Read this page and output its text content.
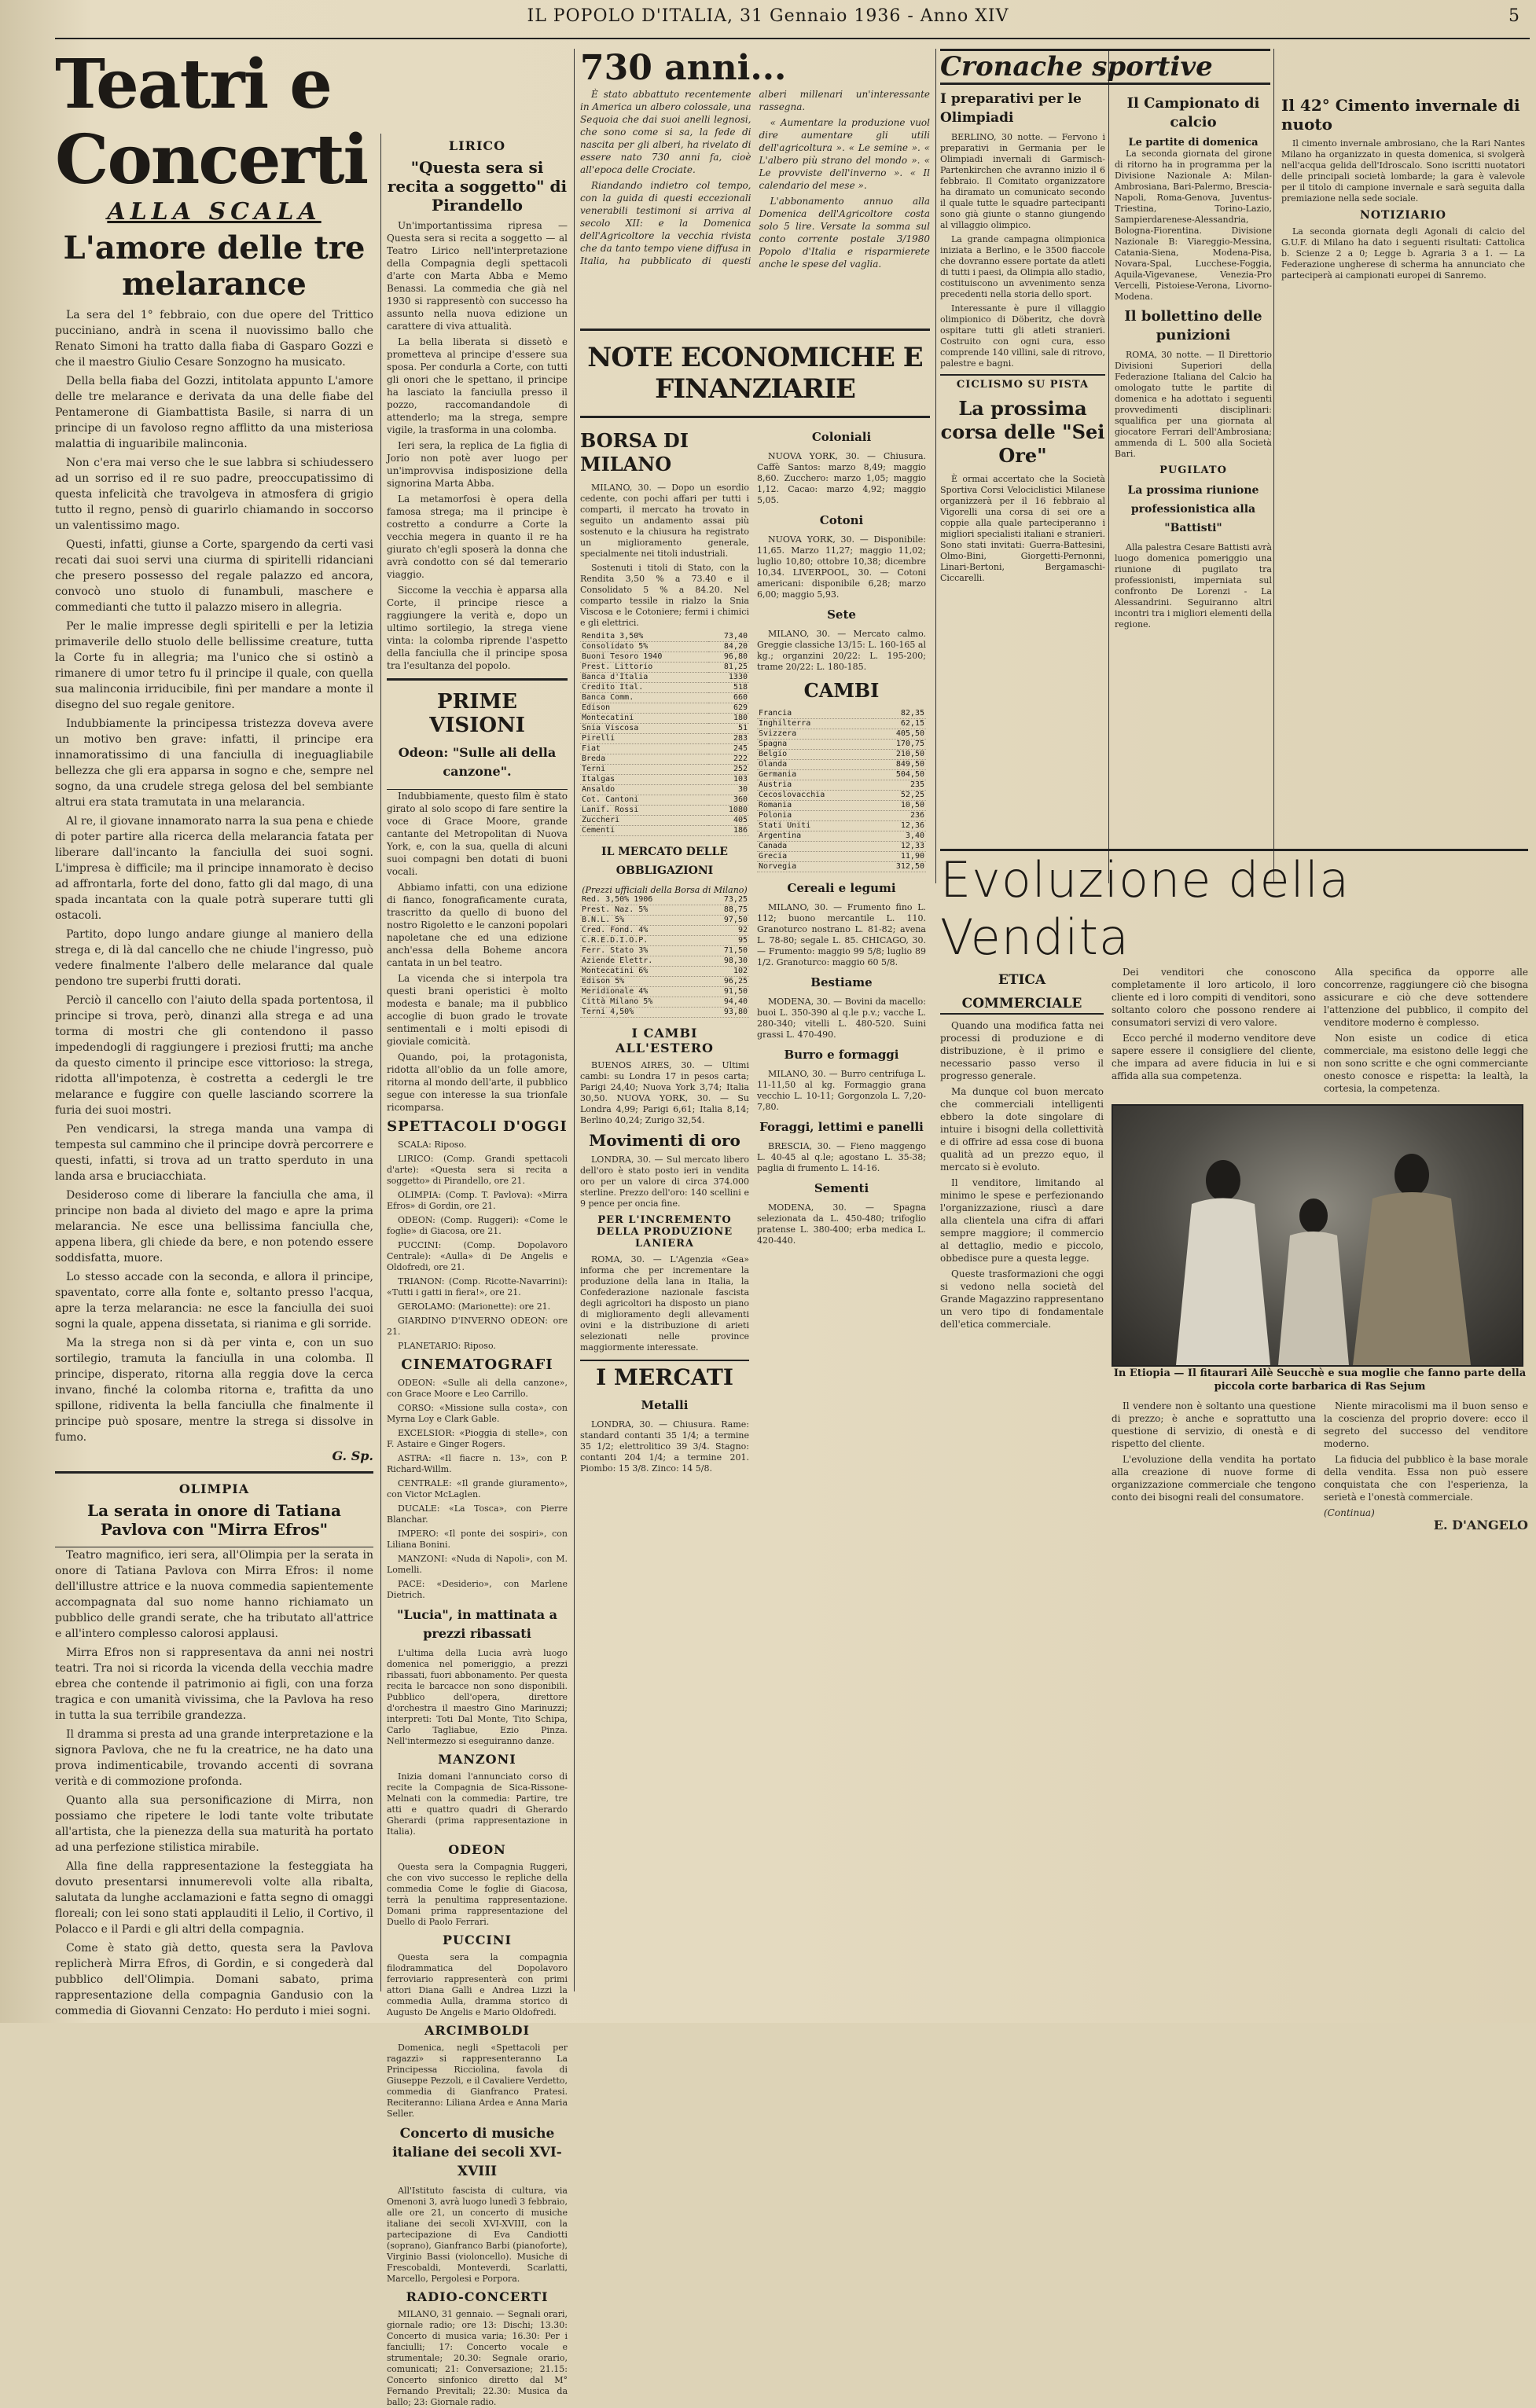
IL POPOLO D'ITALIA, 31 Gennaio 1936 - Anno XIV	5
Teatri e Concerti
ALLA SCALA
L'amore delle tre melarance

La sera del 1° febbraio, con due opere del Trittico pucciniano, andrà in scena il nuovissimo ballo che Renato Simoni ha tratto dalla fiaba di Gasparo Gozzi e che il maestro Giulio Cesare Sonzogno ha musicato.

Della bella fiaba del Gozzi, intitolata appunto L'amore delle tre melarance e derivata da una delle fiabe del Pentamerone di Giambattista Basile, si narra di un principe di un favoloso regno afflitto da una misteriosa malattia di inguaribile malinconia.

Non c'era mai verso che le sue labbra si schiudessero ad un sorriso ed il re suo padre, preoccupatissimo di questa infelicità che travolgeva in atmosfera di grigio tutto il regno, pensò di guarirlo chiamando in soccorso un valentissimo mago.

Questi, infatti, giunse a Corte, spargendo da certi vasi recati dai suoi servi una ciurma di spiritelli ridanciani che presero possesso del regale palazzo ed ancora, convocò uno stuolo di funambuli, maschere e commedianti che tutto il palazzo misero in allegria.

Per le malie impresse degli spiritelli e per la letizia primaverile dello stuolo delle bellissime creature, tutta la Corte fu in allegria; ma l'unico che si ostinò a rimanere di umor tetro fu il principe il quale, con quella sua malinconia irriducibile, finì per mandare a monte il disegno del suo regale genitore.

Indubbiamente la principessa tristezza doveva avere un motivo ben grave: infatti, il principe era innamoratissimo di una fanciulla di ineguagliabile bellezza che gli era apparsa in sogno e che, sempre nel sogno, da una crudele strega gelosa del bel sembiante altrui era stata tramutata in una melarancia.

Al re, il giovane innamorato narra la sua pena e chiede di poter partire alla ricerca della melarancia fatata per liberare dall'incanto la fanciulla dei suoi sogni. L'impresa è difficile; ma il principe innamorato è deciso ad affrontarla, forte del dono, fatto gli dal mago, di una spada incantata con la quale potrà superare tutti gli ostacoli.

Partito, dopo lungo andare giunge al maniero della strega e, di là dal cancello che ne chiude l'ingresso, può vedere finalmente l'albero delle melarance dal quale pendono tre superbi frutti dorati.

Perciò il cancello con l'aiuto della spada portentosa, il principe si trova, però, dinanzi alla strega e ad una torma di mostri che gli contendono il passo impedendogli di raggiungere i preziosi frutti; ma anche da questo cimento il principe esce vittorioso: la strega, ridotta all'impotenza, è costretta a cedergli le tre melarance e fuggire con quelle lasciando scorrere la furia dei suoi mostri.

Pen vendicarsi, la strega manda una vampa di tempesta sul cammino che il principe dovrà percorrere e questi, infatti, si trova ad un tratto sperduto in una landa arsa e bruciacchiata.

Desideroso come di liberare la fanciulla che ama, il principe non bada al divieto del mago e apre la prima melarancia. Ne esce una bellissima fanciulla che, appena libera, gli chiede da bere, e non potendo essere soddisfatta, muore.

Lo stesso accade con la seconda, e allora il principe, spaventato, corre alla fonte e, soltanto presso l'acqua, apre la terza melarancia: ne esce la fanciulla dei suoi sogni la quale, appena dissetata, si rianima e gli sorride.

Ma la strega non si dà per vinta e, con un suo sortilegio, tramuta la fanciulla in una colomba. Il principe, disperato, ritorna alla reggia dove la cerca invano, finché la colomba ritorna e, trafitta da uno spillone, ridiventa la bella fanciulla che finalmente il principe può sposare, mentre la strega si dissolve in fumo.

G. Sp.
OLIMPIA
La serata in onore di Tatiana Pavlova con "Mirra Efros"

Teatro magnifico, ieri sera, all'Olimpia per la serata in onore di Tatiana Pavlova con Mirra Efros: il nome dell'illustre attrice e la nuova commedia sapientemente accompagnata dal suo nome hanno richiamato un pubblico delle grandi serate, che ha tributato all'attrice e all'intero complesso calorosi applausi.

Mirra Efros non si rappresentava da anni nei nostri teatri. Tra noi si ricorda la vicenda della vecchia madre ebrea che contende il patrimonio ai figli, con una forza tragica e con umanità vivissima, che la Pavlova ha reso in tutta la sua terribile grandezza.

Il dramma si presta ad una grande interpretazione e la signora Pavlova, che ne fu la creatrice, ne ha dato una prova indimenticabile, trovando accenti di sovrana verità e di commozione profonda.

Quanto alla sua personificazione di Mirra, non possiamo che ripetere le lodi tante volte tributate all'artista, che la pienezza della sua maturità ha portato ad una perfezione stilistica mirabile.

Alla fine della rappresentazione la festeggiata ha dovuto presentarsi innumerevoli volte alla ribalta, salutata da lunghe acclamazioni e fatta segno di omaggi floreali; con lei sono stati applauditi il Lelio, il Cortivo, il Polacco e il Pardi e gli altri della compagnia.

Come è stato già detto, questa sera la Pavlova replicherà Mirra Efros, di Gordin, e si congederà dal pubblico dell'Olimpia. Domani sabato, prima rappresentazione della compagnia Gandusio con la commedia di Giovanni Cenzato: Ho perduto i miei sogni.

LIRICO
"Questa sera si recita a soggetto" di Pirandello

Un'importantissima ripresa — Questa sera si recita a soggetto — al Teatro Lirico nell'interpretazione della Compagnia degli spettacoli d'arte con Marta Abba e Memo Benassi. La commedia che già nel 1930 si rappresentò con successo ha assunto nella nuova edizione un carattere di viva attualità.

La bella liberata si dissetò e prometteva al principe d'essere sua sposa. Per condurla a Corte, con tutti gli onori che le spettano, il principe ha lasciato la fanciulla presso il pozzo, raccomandandole di attenderlo; ma la strega, sempre vigile, la trasforma in una colomba.

Ieri sera, la replica de La figlia di Jorio non potè aver luogo per un'improvvisa indisposizione della signorina Marta Abba.

La metamorfosi è opera della famosa strega; ma il principe è costretto a condurre a Corte la vecchia megera in quanto il re ha giurato ch'egli sposerà la donna che avrà condotto con sé dal temerario viaggio.

Siccome la vecchia è apparsa alla Corte, il principe riesce a raggiungere la verità e, dopo un ultimo sortilegio, la strega viene vinta: la colomba riprende l'aspetto della fanciulla che il principe sposa tra l'esultanza del popolo.

PRIME VISIONI
Odeon: "Sulle ali della canzone".

Indubbiamente, questo film è stato girato al solo scopo di fare sentire la voce di Grace Moore, grande cantante del Metropolitan di Nuova York, e, con la sua, quella di alcuni suoi compagni ben dotati di buoni vocali.

Abbiamo infatti, con una edizione di fianco, fonograficamente curata, trascritto da quello di buono del nostro Rigoletto e le canzoni popolari napoletane che ed una edizione anch'essa della Boheme ancora cantata in un bel teatro.

La vicenda che si interpola tra questi brani operistici è molto modesta e banale; ma il pubblico accoglie di buon grado le trovate sentimentali e i molti episodi di gioviale comicità.

Quando, poi, la protagonista, ridotta all'oblio da un folle amore, ritorna al mondo dell'arte, il pubblico segue con interesse la sua trionfale ricomparsa.

SPETTACOLI D'OGGI

SCALA: Riposo.

LIRICO: (Comp. Grandi spettacoli d'arte): «Questa sera si recita a soggetto» di Pirandello, ore 21.

OLIMPIA: (Comp. T. Pavlova): «Mirra Efros» di Gordin, ore 21.

ODEON: (Comp. Ruggeri): «Come le foglie» di Giacosa, ore 21.

PUCCINI: (Comp. Dopolavoro Centrale): «Aulla» di De Angelis e Oldofredi, ore 21.

TRIANON: (Comp. Ricotte-Navarrini): «Tutti i gatti in fiera!», ore 21.

GEROLAMO: (Marionette): ore 21.

GIARDINO D'INVERNO ODEON: ore 21.

PLANETARIO: Riposo.

CINEMATOGRAFI

ODEON: «Sulle ali della canzone», con Grace Moore e Leo Carrillo.

CORSO: «Missione sulla costa», con Myrna Loy e Clark Gable.

EXCELSIOR: «Pioggia di stelle», con F. Astaire e Ginger Rogers.

ASTRA: «Il fiacre n. 13», con P. Richard-Willm.

CENTRALE: «Il grande giuramento», con Victor McLaglen.

DUCALE: «La Tosca», con Pierre Blanchar.

IMPERO: «Il ponte dei sospiri», con Liliana Bonini.

MANZONI: «Nuda di Napoli», con M. Lomelli.

PACE: «Desiderio», con Marlene Dietrich.

"Lucia", in mattinata a prezzi ribassati

L'ultima della Lucia avrà luogo domenica nel pomeriggio, a prezzi ribassati, fuori abbonamento. Per questa recita le barcacce non sono disponibili. Pubblico dell'opera, direttore d'orchestra il maestro Gino Marinuzzi; interpreti: Toti Dal Monte, Tito Schipa, Carlo Tagliabue, Ezio Pinza. Nell'intermezzo si eseguiranno danze.

MANZONI

Inizia domani l'annunciato corso di recite la Compagnia de Sica-Rissone-Melnati con la commedia: Partire, tre atti e quattro quadri di Gherardo Gherardi (prima rappresentazione in Italia).

ODEON

Questa sera la Compagnia Ruggeri, che con vivo successo le repliche della commedia Come le foglie di Giacosa, terrà la penultima rappresentazione. Domani prima rappresentazione del Duello di Paolo Ferrari.

PUCCINI

Questa sera la compagnia filodrammatica del Dopolavoro ferroviario rappresenterà con primi attori Diana Galli e Andrea Lizzi la commedia Aulla, dramma storico di Augusto De Angelis e Mario Oldofredi.

ARCIMBOLDI

Domenica, negli «Spettacoli per ragazzi» si rappresenteranno La Principessa Ricciolina, favola di Giuseppe Pezzoli, e il Cavaliere Verdetto, commedia di Gianfranco Pratesi. Reciteranno: Liliana Ardea e Anna Maria Seller.

Concerto di musiche italiane dei secoli XVI-XVIII

All'Istituto fascista di cultura, via Omenoni 3, avrà luogo lunedì 3 febbraio, alle ore 21, un concerto di musiche italiane dei secoli XVI-XVIII, con la partecipazione di Eva Candiotti (soprano), Gianfranco Barbi (pianoforte), Virginio Bassi (violoncello). Musiche di Frescobaldi, Monteverdi, Scarlatti, Marcello, Pergolesi e Porpora.

RADIO-CONCERTI

MILANO, 31 gennaio. — Segnali orari, giornale radio; ore 13: Dischi; 13.30: Concerto di musica varia; 16.30: Per i fanciulli; 17: Concerto vocale e strumentale; 20.30: Segnale orario, comunicati; 21: Conversazione; 21.15: Concerto sinfonico diretto dal M° Fernando Previtali; 22.30: Musica da ballo; 23: Giornale radio.

730 anni...

È stato abbattuto recentemente in America un albero colossale, una Sequoia che dai suoi anelli legnosi, che sono come si sa, la fede di nascita per gli alberi, ha rivelato di essere nato 730 anni fa, cioè all'epoca delle Crociate.

Riandando indietro col tempo, con la guida di questi eccezionali venerabili testimoni si arriva al secolo XII: e la Domenica dell'Agricoltore la vecchia rivista che da tanto tempo viene diffusa in Italia, ha pubblicato di questi alberi millenari un'interessante rassegna.

« Aumentare la produzione vuol dire aumentare gli utili dell'agricoltura ». « Le semine ». « L'albero più strano del mondo ». « Le provviste dell'inverno ». « Il calendario del mese ».

L'abbonamento annuo alla Domenica dell'Agricoltore costa solo 5 lire. Versate la somma sul conto corrente postale 3/1980 Popolo d'Italia e risparmierete anche le spese del vaglia.

NOTE ECONOMICHE E FINANZIARIE
BORSA DI MILANO

MILANO, 30. — Dopo un esordio cedente, con pochi affari per tutti i comparti, il mercato ha trovato in seguito un andamento assai più sostenuto e la chiusura ha registrato un miglioramento generale, specialmente nei titoli industriali.

Sostenuti i titoli di Stato, con la Rendita 3,50 % a 73.40 e il Consolidato 5 % a 84.20. Nel comparto tessile in rialzo la Snia Viscosa e le Cotoniere; fermi i chimici e gli elettrici.

Rendita 3,50%	73,40
Consolidato 5%	84,20
Buoni Tesoro 1940	96,80
Prest. Littorio	81,25
Banca d'Italia	1330
Credito Ital.	518
Banca Comm.	660
Edison	629
Montecatini	180
Snia Viscosa	51
Pirelli	283
Fiat	245
Breda	222
Terni	252
Italgas	103
Ansaldo	30
Cot. Cantoni	360
Lanif. Rossi	1080
Zuccheri	405
Cementi	186
IL MERCATO DELLE OBBLIGAZIONI
(Prezzi ufficiali della Borsa di Milano)
Red. 3,50% 1906	73,25
Prest. Naz. 5%	88,75
B.N.L. 5%	97,50
Cred. Fond. 4%	92
C.R.E.D.I.O.P.	95
Ferr. Stato 3%	71,50
Aziende Elettr.	98,30
Montecatini 6%	102
Edison 5%	96,25
Meridionale 4%	91,50
Città Milano 5%	94,40
Terni 4,50%	93,80
I CAMBI ALL'ESTERO

BUENOS AIRES, 30. — Ultimi cambi: su Londra 17 in pesos carta; Parigi 24,40; Nuova York 3,74; Italia 30,50. NUOVA YORK, 30. — Su Londra 4,99; Parigi 6,61; Italia 8,14; Berlino 40,24; Zurigo 32,54.

Movimenti di oro

LONDRA, 30. — Sul mercato libero dell'oro è stato posto ieri in vendita oro per un valore di circa 374.000 sterline. Prezzo dell'oro: 140 scellini e 9 pence per oncia fine.

PER L'INCREMENTO DELLA PRODUZIONE LANIERA

ROMA, 30. — L'Agenzia «Gea» informa che per incrementare la produzione della lana in Italia, la Confederazione nazionale fascista degli agricoltori ha disposto un piano di miglioramento degli allevamenti ovini e la distribuzione di arieti selezionati nelle province maggiormente interessate.

I MERCATI
Metalli

LONDRA, 30. — Chiusura. Rame: standard contanti 35 1/4; a termine 35 1/2; elettrolitico 39 3/4. Stagno: contanti 204 1/4; a termine 201. Piombo: 15 3/8. Zinco: 14 5/8.

Coloniali

NUOVA YORK, 30. — Chiusura. Caffè Santos: marzo 8,49; maggio 8,60. Zucchero: marzo 1,05; maggio 1,12. Cacao: marzo 4,92; maggio 5,05.

Cotoni

NUOVA YORK, 30. — Disponibile: 11,65. Marzo 11,27; maggio 11,02; luglio 10,80; ottobre 10,38; dicembre 10,34. LIVERPOOL, 30. — Cotoni americani: disponibile 6,28; marzo 6,00; maggio 5,93.

Sete

MILANO, 30. — Mercato calmo. Greggie classiche 13/15: L. 160-165 al kg.; organzini 20/22: L. 195-200; trame 20/22: L. 180-185.

CAMBI
Francia	82,35
Inghilterra	62,15
Svizzera	405,50
Spagna	170,75
Belgio	210,50
Olanda	849,50
Germania	504,50
Austria	235
Cecoslovacchia	52,25
Romania	10,50
Polonia	236
Stati Uniti	12,36
Argentina	3,40
Canada	12,33
Grecia	11,90
Norvegia	312,50
Cereali e legumi

MILANO, 30. — Frumento fino L. 112; buono mercantile L. 110. Granoturco nostrano L. 81-82; avena L. 78-80; segale L. 85. CHICAGO, 30. — Frumento: maggio 99 5/8; luglio 89 1/2. Granoturco: maggio 60 5/8.

Bestiame

MODENA, 30. — Bovini da macello: buoi L. 350-390 al q.le p.v.; vacche L. 280-340; vitelli L. 480-520. Suini grassi L. 470-490.

Burro e formaggi

MILANO, 30. — Burro centrifuga L. 11-11,50 al kg. Formaggio grana vecchio L. 10-11; Gorgonzola L. 7,20-7,80.

Foraggi, lettimi e panelli

BRESCIA, 30. — Fieno maggengo L. 40-45 al q.le; agostano L. 35-38; paglia di frumento L. 14-16.

Sementi

MODENA, 30. — Spagna selezionata da L. 450-480; trifoglio pratense L. 380-400; erba medica L. 420-440.

Cronache sportive
I preparativi per le Olimpiadi

BERLINO, 30 notte. — Fervono i preparativi in Germania per le Olimpiadi invernali di Garmisch-Partenkirchen che avranno inizio il 6 febbraio. Il Comitato organizzatore ha diramato un comunicato secondo il quale tutte le squadre partecipanti sono già giunte o stanno giungendo al villaggio olimpico.

La grande campagna olimpionica iniziata a Berlino, e le 3500 fiaccole che dovranno essere portate da atleti di tutti i paesi, da Olimpia allo stadio, costituiscono un avvenimento senza precedenti nella storia dello sport.

Interessante è pure il villaggio olimpionico di Döberitz, che dovrà ospitare tutti gli atleti stranieri. Costruito con ogni cura, esso comprende 140 villini, sale di ritrovo, palestre e bagni.

CICLISMO SU PISTA
La prossima corsa delle "Sei Ore"

È ormai accertato che la Società Sportiva Corsi Velociclistici Milanese organizzerà per il 16 febbraio al Vigorelli una corsa di sei ore a coppie alla quale parteciperanno i migliori specialisti italiani e stranieri. Sono stati invitati: Guerra-Battesini, Olmo-Bini, Giorgetti-Pernonni, Linari-Bertoni, Bergamaschi-Ciccarelli.

Il Campionato di calcio
Le partite di domenica

La seconda giornata del girone di ritorno ha in programma per la Divisione Nazionale A: Milan-Ambrosiana, Bari-Palermo, Brescia-Napoli, Roma-Genova, Juventus-Triestina, Torino-Lazio, Sampierdarenese-Alessandria, Bologna-Fiorentina. Divisione Nazionale B: Viareggio-Messina, Catania-Siena, Modena-Pisa, Novara-Spal, Lucchese-Foggia, Aquila-Vigevanese, Venezia-Pro Vercelli, Pistoiese-Verona, Livorno-Modena.

Il bollettino delle punizioni

ROMA, 30 notte. — Il Direttorio Divisioni Superiori della Federazione Italiana del Calcio ha omologato tutte le partite di domenica e ha adottato i seguenti provvedimenti disciplinari: squalifica per una giornata al giocatore Ferrari dell'Ambrosiana; ammenda di L. 500 alla Società Bari.

PUGILATO
La prossima riunione professionistica alla "Battisti"

Alla palestra Cesare Battisti avrà luogo domenica pomeriggio una riunione di pugilato tra professionisti, imperniata sul confronto De Lorenzi - La Alessandrini. Seguiranno altri incontri tra i migliori elementi della regione.

Il 42° Cimento invernale di nuoto

Il cimento invernale ambrosiano, che la Rari Nantes Milano ha organizzato in questa domenica, si svolgerà nell'acqua gelida dell'Idroscalo. Sono iscritti nuotatori delle principali società lombarde; la gara è valevole per il titolo di campione invernale e sarà seguita dalla premiazione nella sede sociale.

NOTIZIARIO

La seconda giornata degli Agonali di calcio del G.U.F. di Milano ha dato i seguenti risultati: Cattolica b. Scienze 2 a 0; Legge b. Agraria 3 a 1. — La Federazione ungherese di scherma ha annunciato che parteciperà ai campionati europei di Sanremo.

Evoluzione della Vendita
ETICA
COMMERCIALE

Quando una modifica fatta nei processi di produzione e di distribuzione, è il primo e necessario passo verso il progresso generale.

Ma dunque col buon mercato che commerciali intelligenti ebbero la dote singolare di intuire i bisogni della collettività e di offrire ad essa cose di buona qualità ad un prezzo equo, il mercato si è evoluto.

Il venditore, limitando al minimo le spese e perfezionando l'organizzazione, riuscì a dare alla clientela una cifra di affari sempre maggiore; il commercio al dettaglio, medio e piccolo, obbedisce pure a questa legge.

Queste trasformazioni che oggi si vedono nella società del Grande Magazzino rappresentano un vero tipo di fondamentale dell'etica commerciale.

Dei venditori che conoscono completamente il loro articolo, il loro cliente ed i loro compiti di venditori, sono soltanto coloro che possono rendere ai consumatori servizi di vero valore.

Ecco perché il moderno venditore deve sapere essere il consigliere del cliente, che impara ad avere fiducia in lui e si affida alla sua competenza.

Alla specifica da opporre alle concorrenze, raggiungere ciò che bisogna assicurare e ciò che deve sottendere l'attenzione del pubblico, il compito del venditore moderno è complesso.

Non esiste un codice di etica commerciale, ma esistono delle leggi che non sono scritte e che ogni commerciante onesto conosce e rispetta: la lealtà, la cortesia, la competenza.

In Etiopia — Il fitaurari Ailè Seucchè e sua moglie che fanno parte della piccola corte barbarica di Ras Sejum

Il vendere non è soltanto una questione di prezzo; è anche e soprattutto una questione di servizio, di onestà e di rispetto del cliente.

L'evoluzione della vendita ha portato alla creazione di nuove forme di organizzazione commerciale che tengono conto dei bisogni reali del consumatore.

Niente miracolismi ma il buon senso e la coscienza del proprio dovere: ecco il segreto del successo del venditore moderno.

La fiducia del pubblico è la base morale della vendita. Essa non può essere conquistata che con l'esperienza, la serietà e l'onestà commerciale.

(Continua)
E. D'ANGELO
